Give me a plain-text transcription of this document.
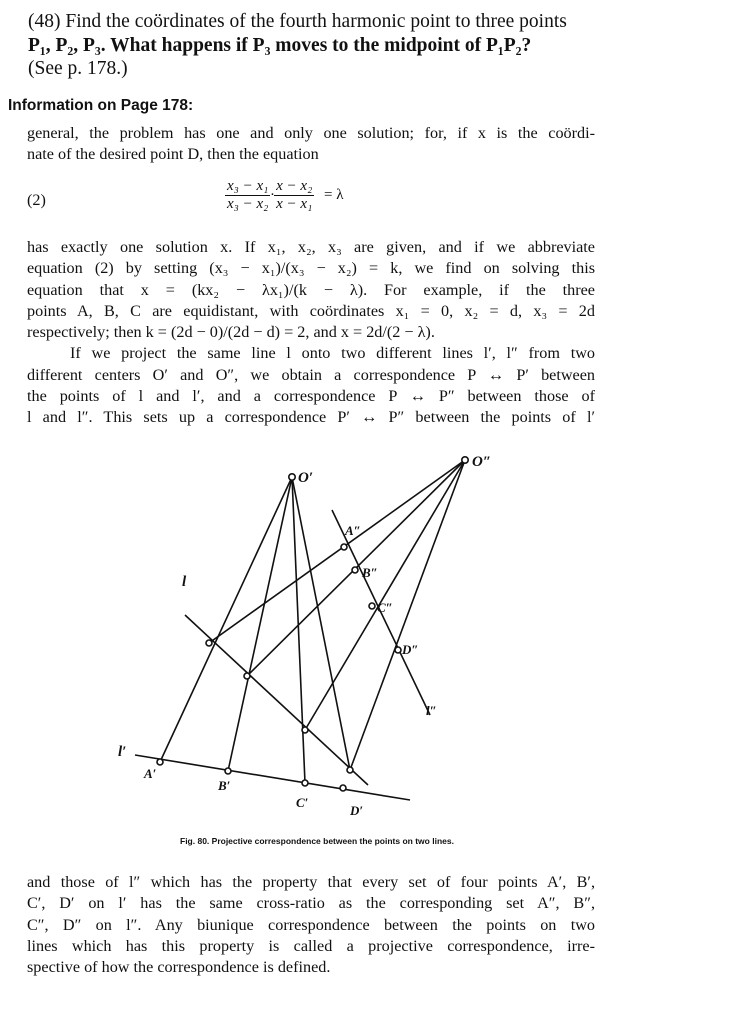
(48) Find the coördinates of the fourth harmonic point to three points
P₁, P₂, P₃. What happens if P₃ moves to the midpoint of P₁P₂?
(See p. 178.)
Information on Page 178:
general, the problem has one and only one solution; for, if x is the coördi-
nate of the desired point D, then the equation
(2)	$\frac{\text{x₃ − x₁}}{\text{x₃ − x₂}} \cdot \frac{\text{x − x₂}}{\text{x − x₁}} = \lambda$
has exactly one solution x. If x₁, x₂, x₃ are given, and if we abbreviate
equation (2) by setting (x₃ − x₁)/(x₃ − x₂) = k, we find on solving this
equation that x = (kx₂ − λx₁)/(k − λ). For example, if the three
points A, B, C are equidistant, with coördinates x₁ = 0, x₂ = d, x₃ = 2d
respectively; then k = (2d − 0)/(2d − d) = 2, and x = 2d/(2 − λ).
If we project the same line l onto two different lines l′, l″ from two
different centers O′ and O″, we obtain a correspondence P ↔ P′ between
the points of l and l′, and a correspondence P ↔ P″ between those of
l and l″. This sets up a correspondence P′ ↔ P″ between the points of l′
O′
O″
A″
B″
C″
D″
l
l′
l″
A′
B′
C′
D′
Fig. 80. Projective correspondence between the points on two lines.
and those of l″ which has the property that every set of four points A′, B′,
C′, D′ on l′ has the same cross-ratio as the corresponding set A″, B″,
C″, D″ on l″. Any biunique correspondence between the points on two
lines which has this property is called a projective correspondence, irre-
spective of how the correspondence is defined.
